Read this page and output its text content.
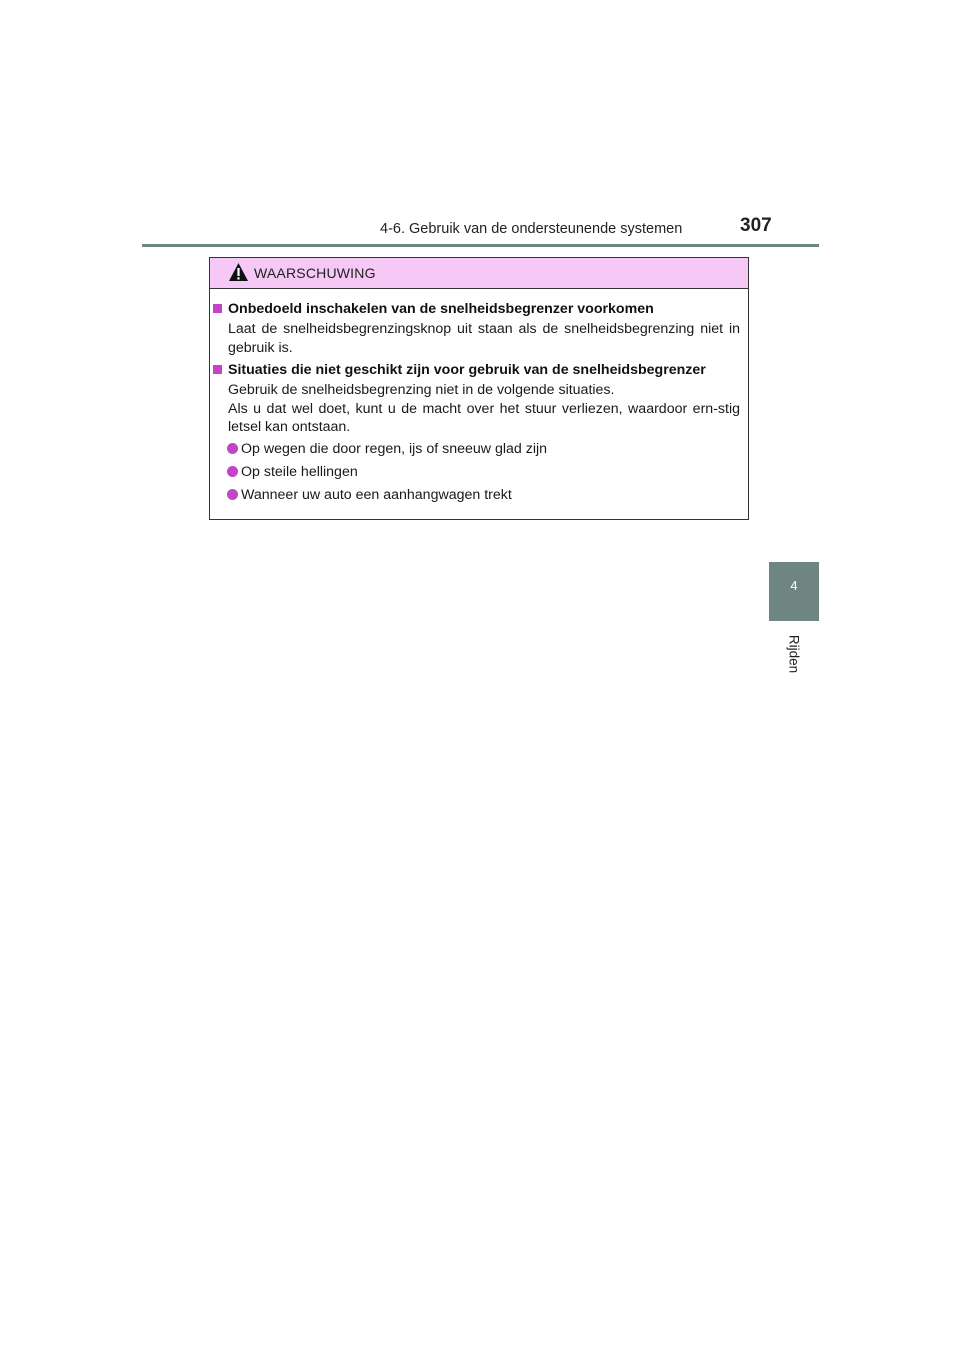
4-6. Gebruik van de ondersteunende systemen	307
4
Rijden
WAARSCHUWING
Onbedoeld inschakelen van de snelheidsbegrenzer voorkomen
Laat de snelheidsbegrenzingsknop uit staan als de snelheidsbegrenzing niet in gebruik is.
Situaties die niet geschikt zijn voor gebruik van de snelheidsbegrenzer
Gebruik de snelheidsbegrenzing niet in de volgende situaties.
Als u dat wel doet, kunt u de macht over het stuur verliezen, waardoor ern-stig letsel kan ontstaan.
Op wegen die door regen, ijs of sneeuw glad zijn
Op steile hellingen
Wanneer uw auto een aanhangwagen trekt
